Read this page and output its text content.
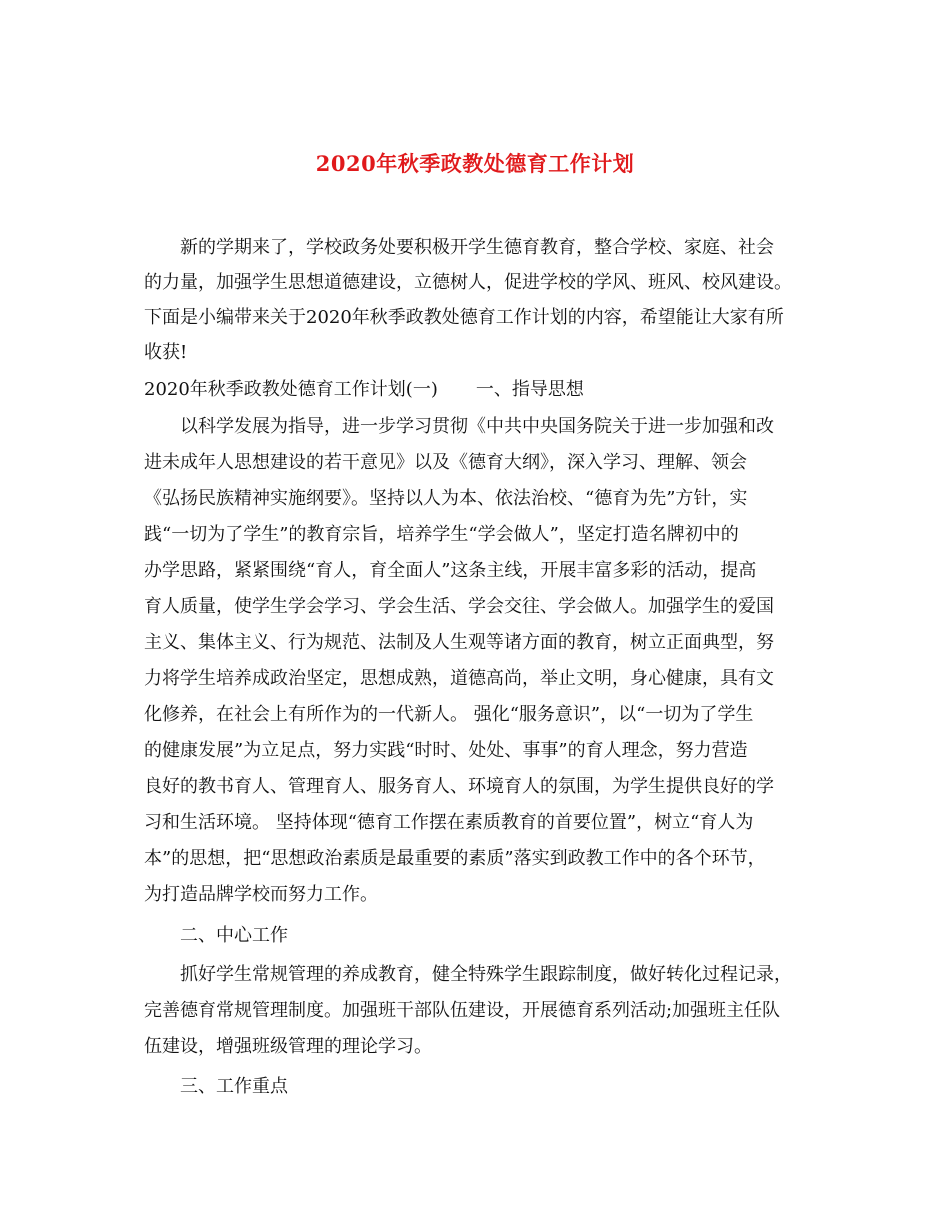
2020年秋季政教处德育工作计划
新的学期来了，学校政务处要积极开学生德育教育，整合学校、家庭、社会
的力量，加强学生思想道德建设，立德树人，促进学校的学风、班风、校风建设。
下面是小编带来关于2020年秋季政教处德育工作计划的内容，希望能让大家有所
收获!
2020年秋季政教处德育工作计划(一) 一、指导思想
以科学发展为指导，进一步学习贯彻《中共中央国务院关于进一步加强和改
进未成年人思想建设的若干意见》以及《德育大纲》，深入学习、理解、领会
《弘扬民族精神实施纲要》。坚持以人为本、依法治校、“德育为先”方针，实
践“一切为了学生”的教育宗旨，培养学生“学会做人”，坚定打造名牌初中的
办学思路，紧紧围绕“育人，育全面人”这条主线，开展丰富多彩的活动，提高
育人质量，使学生学会学习、学会生活、学会交往、学会做人。加强学生的爱国
主义、集体主义、行为规范、法制及人生观等诸方面的教育，树立正面典型，努
力将学生培养成政治坚定，思想成熟，道德高尚，举止文明，身心健康，具有文
化修养，在社会上有所作为的一代新人。 强化“服务意识”，以“一切为了学生
的健康发展”为立足点，努力实践“时时、处处、事事”的育人理念，努力营造
良好的教书育人、管理育人、服务育人、环境育人的氛围，为学生提供良好的学
习和生活环境。 坚持体现“德育工作摆在素质教育的首要位置”，树立“育人为
本”的思想，把“思想政治素质是最重要的素质”落实到政教工作中的各个环节，
为打造品牌学校而努力工作。
二、中心工作
抓好学生常规管理的养成教育，健全特殊学生跟踪制度，做好转化过程记录，
完善德育常规管理制度。加强班干部队伍建设，开展德育系列活动;加强班主任队
伍建设，增强班级管理的理论学习。
三、工作重点
